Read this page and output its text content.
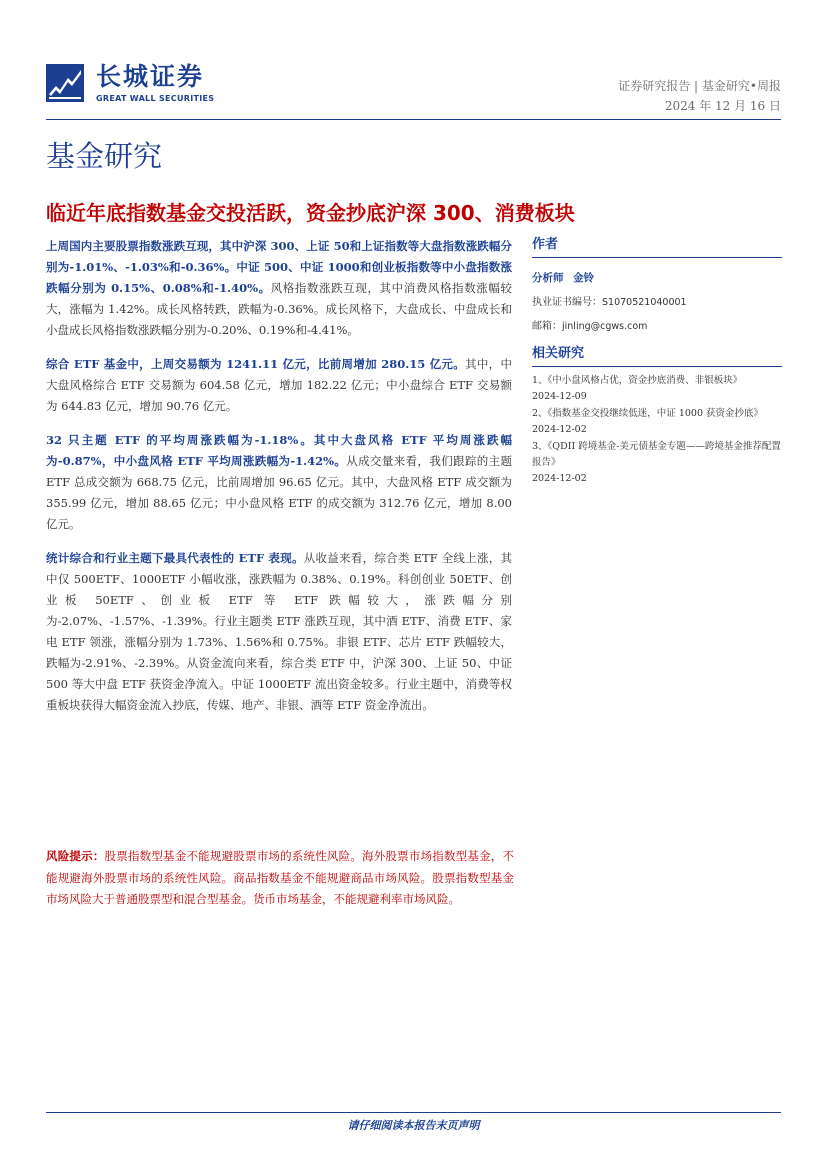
长城证券
GREAT WALL SECURITIES
证券研究报告 | 基金研究•周报
2024 年 12 月 16 日
基金研究
临近年底指数基金交投活跃，资金抄底沪深 300、消费板块

上周国内主要股票指数涨跌互现，其中沪深 300、上证 50和上证指数等大盘指数涨跌幅分别为-1.01%、-1.03%和-0.36%。中证 500、中证 1000和创业板指数等中小盘指数涨跌幅分别为 0.15%、0.08%和-1.40%。风格指数涨跌互现，其中消费风格指数涨幅较大，涨幅为 1.42%。成长风格转跌，跌幅为-0.36%。成长风格下，大盘成长、中盘成长和小盘成长风格指数涨跌幅分别为-0.20%、0.19%和-4.41%。

综合 ETF 基金中，上周交易额为 1241.11 亿元，比前周增加 280.15 亿元。其中，中大盘风格综合 ETF 交易额为 604.58 亿元，增加 182.22 亿元；中小盘综合 ETF 交易额为 644.83 亿元，增加 90.76 亿元。

32 只主题 ETF 的平均周涨跌幅为-1.18%。其中大盘风格 ETF 平均周涨跌幅为-0.87%，中小盘风格 ETF 平均周涨跌幅为-1.42%。从成交量来看，我们跟踪的主题 ETF 总成交额为 668.75 亿元，比前周增加 96.65 亿元。其中，大盘风格 ETF 成交额为 355.99 亿元，增加 88.65 亿元；中小盘风格 ETF 的成交额为 312.76 亿元，增加 8.00 亿元。

统计综合和行业主题下最具代表性的 ETF 表现。从收益来看，综合类 ETF 全线上涨，其中仅 500ETF、1000ETF 小幅收涨，涨跌幅为 0.38%、0.19%。科创创业 50ETF、创业板 50ETF、创业板 ETF 等 ETF 跌幅较大，涨跌幅分别为-2.07%、-1.57%、-1.39%。行业主题类 ETF 涨跌互现，其中酒 ETF、消费 ETF、家电 ETF 领涨，涨幅分别为 1.73%、1.56%和 0.75%。非银 ETF、芯片 ETF 跌幅较大，跌幅为-2.91%、-2.39%。从资金流向来看，综合类 ETF 中，沪深 300、上证 50、中证 500 等大中盘 ETF 获资金净流入。中证 1000ETF 流出资金较多。行业主题中，消费等权重板块获得大幅资金流入抄底，传媒、地产、非银、酒等 ETF 资金净流出。

风险提示：股票指数型基金不能规避股票市场的系统性风险。海外股票市场指数型基金，不能规避海外股票市场的系统性风险。商品指数基金不能规避商品市场风险。股票指数型基金市场风险大于普通股票型和混合型基金。货币市场基金，不能规避利率市场风险。
作者
分析师 金铃
执业证书编号：S1070521040001
邮箱：jinling@cgws.com
相关研究
1、《中小盘风格占优，资金抄底消费、非银板块》
2024-12-09
2、《指数基金交投继续低迷，中证 1000 获资金抄底》
2024-12-02
3、《QDII 跨境基金-美元债基金专题——跨境基金推荐配置报告》
2024-12-02
请仔细阅读本报告末页声明
